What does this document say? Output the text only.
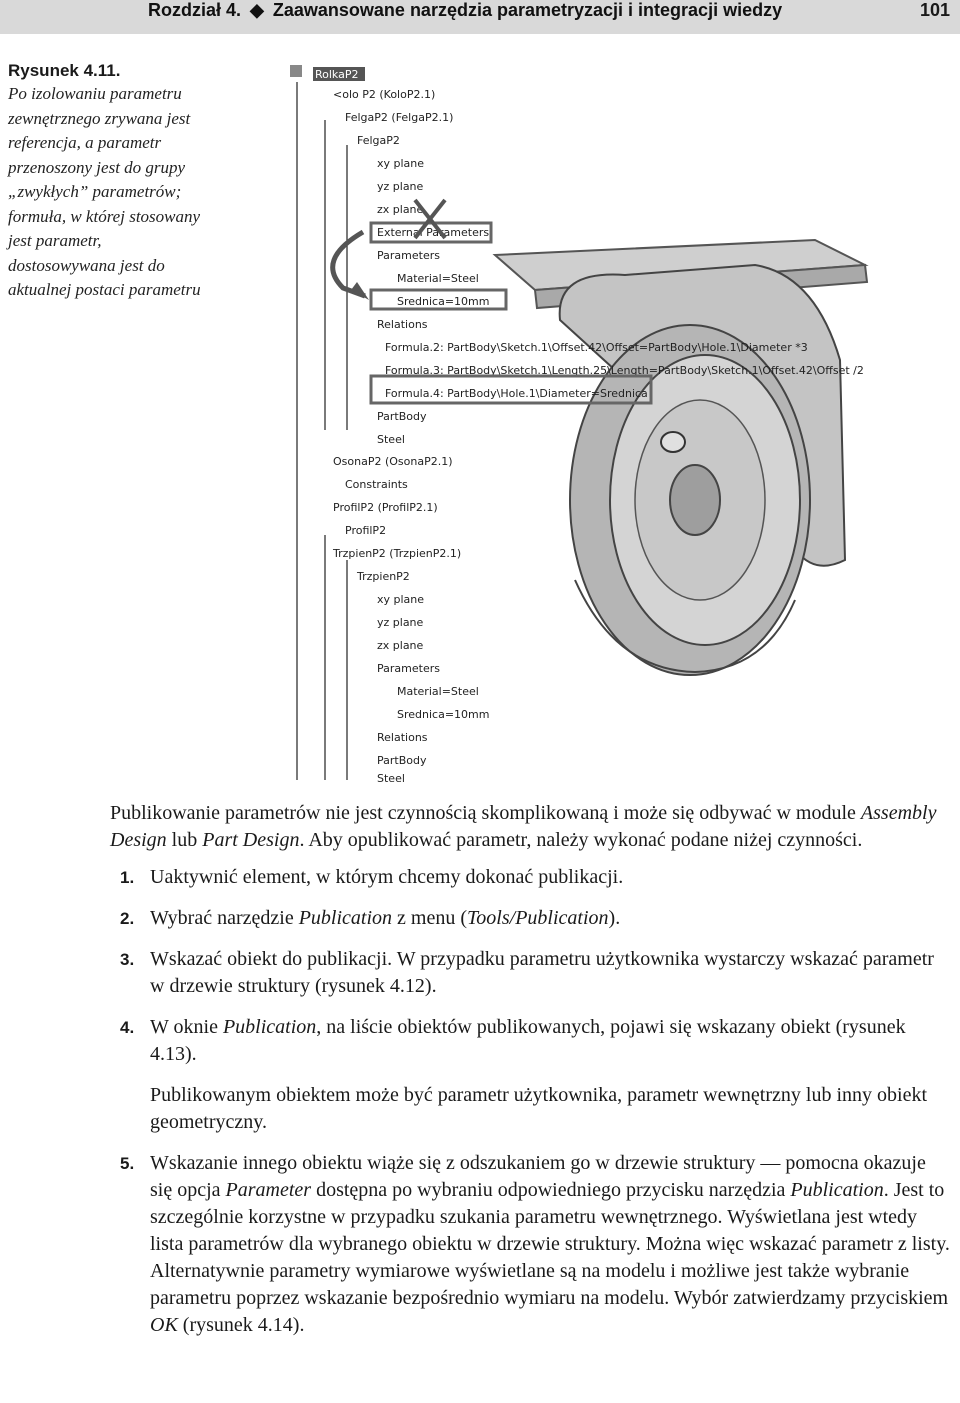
Rozdział 4. ◆ Zaawansowane narzędzia parametryzacji i integracji wiedzy	101
Rysunek 4.11.
Po izolowaniu parametru zewnętrznego zrywana jest referencja, a parametr przenoszony jest do grupy „zwykłych” parametrów; formuła, w której stosowany jest parametr, dostosowywana jest do aktualnej postaci parametru
RolkaP2
<olo P2 (KoloP2.1)
FelgaP2 (FelgaP2.1)
FelgaP2
xy plane
yz plane
zx plane
External Parameters
Parameters
Material=Steel
Srednica=10mm
Relations
Formula.2: PartBody\Sketch.1\Offset.42\Offset=PartBody\Hole.1\Diameter *3
Formula.3: PartBody\Sketch.1\Length.25\Length=PartBody\Sketch.1\Offset.42\Offset /2
Formula.4: PartBody\Hole.1\Diameter=Srednica
PartBody
Steel
OsonaP2 (OsonaP2.1)
Constraints
ProfilP2 (ProfilP2.1)
ProfilP2
TrzpienP2 (TrzpienP2.1)
TrzpienP2
xy plane
yz plane
zx plane
Parameters
Material=Steel
Srednica=10mm
Relations
PartBody
Steel

Publikowanie parametrów nie jest czynnością skomplikowaną i może się odbywać w module Assembly Design lub Part Design. Aby opublikować parametr, należy wykonać podane niżej czynności.

1. Uaktywnić element, w którym chcemy dokonać publikacji.
2. Wybrać narzędzie Publication z menu (Tools/Publication).
3. Wskazać obiekt do publikacji. W przypadku parametru użytkownika wystarczy wskazać parametr w drzewie struktury (rysunek 4.12).
4. W oknie Publication, na liście obiektów publikowanych, pojawi się wskazany obiekt (rysunek 4.13).
Publikowanym obiektem może być parametr użytkownika, parametr wewnętrzny lub inny obiekt geometryczny.
5. Wskazanie innego obiektu wiąże się z odszukaniem go w drzewie struktury — pomocna okazuje się opcja Parameter dostępna po wybraniu odpowiedniego przycisku narzędzia Publication. Jest to szczególnie korzystne w przypadku szukania parametru wewnętrznego. Wyświetlana jest wtedy lista parametrów dla wybranego obiektu w drzewie struktury. Można więc wskazać parametr z listy. Alternatywnie parametry wymiarowe wyświetlane są na modelu i możliwe jest także wybranie parametru poprzez wskazanie bezpośrednio wymiaru na modelu. Wybór zatwierdzamy przyciskiem OK (rysunek 4.14).
